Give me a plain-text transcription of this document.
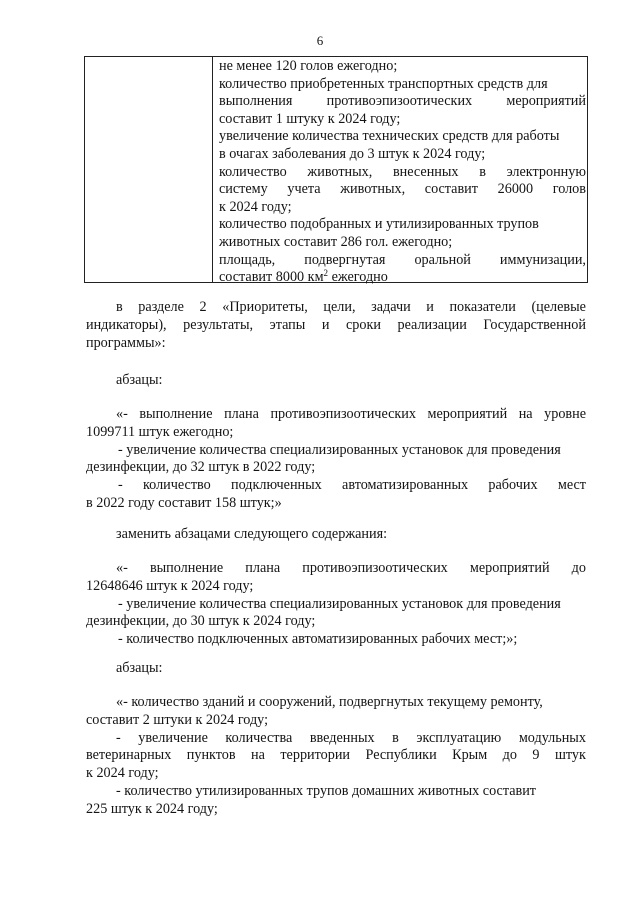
6
не менее 120 голов ежегодно;
количество приобретенных транспортных средств для
выполнения противоэпизоотических мероприятий
составит 1 штуку к 2024 году;
увеличение количества технических средств для работы
в очагах заболевания до 3 штук к 2024 году;
количество животных, внесенных в электронную
систему учета животных, составит 26000 голов
к 2024 году;
количество подобранных и утилизированных трупов
животных составит 286 гол. ежегодно;
площадь, подвергнутая оральной иммунизации,
составит 8000 $км^2$ ежегодно
в разделе 2 «Приоритеты, цели, задачи и показатели (целевые
индикаторы), результаты, этапы и сроки реализации Государственной
программы»:
абзацы:
«- выполнение плана противоэпизоотических мероприятий на уровне
1099711 штук ежегодно;
- увеличение количества специализированных установок для проведения
дезинфекции, до 32 штук в 2022 году;
- количество подключенных автоматизированных рабочих мест
в 2022 году составит 158 штук;»
заменить абзацами следующего содержания:
«- выполнение плана противоэпизоотических мероприятий до
12648646 штук к 2024 году;
- увеличение количества специализированных установок для проведения
дезинфекции, до 30 штук к 2024 году;
- количество подключенных автоматизированных рабочих мест;»;
абзацы:
«- количество зданий и сооружений, подвергнутых текущему ремонту,
составит 2 штуки к 2024 году;
- увеличение количества введенных в эксплуатацию модульных
ветеринарных пунктов на территории Республики Крым до 9 штук
к 2024 году;
- количество утилизированных трупов домашних животных составит
225 штук к 2024 году;
